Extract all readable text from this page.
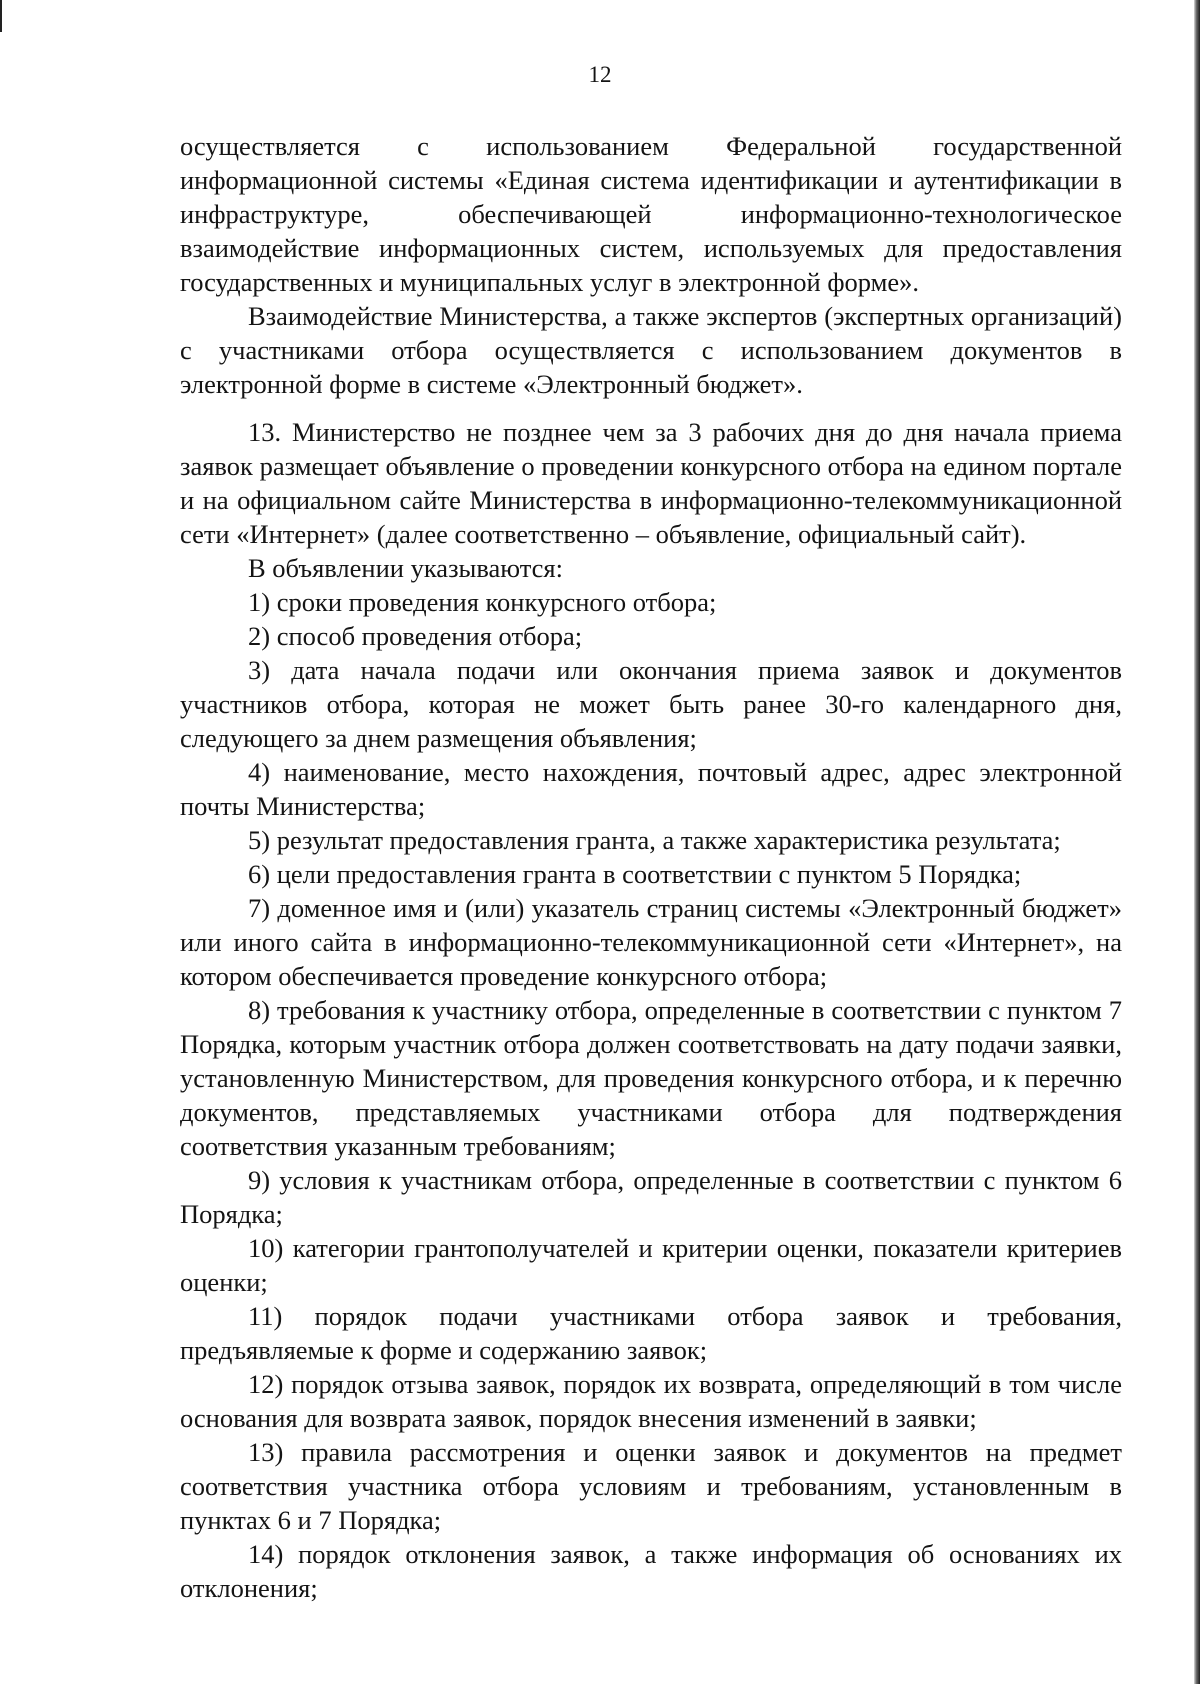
12

осуществляется с использованием Федеральной государственной информационной системы «Единая система идентификации и аутентификации в инфраструктуре, обеспечивающей информационно-технологическое взаимодействие информационных систем, используемых для предоставления государственных и муниципальных услуг в электронной форме».

Взаимодействие Министерства, а также экспертов (экспертных организаций) с участниками отбора осуществляется с использованием документов в электронной форме в системе «Электронный бюджет».

13. Министерство не позднее чем за 3 рабочих дня до дня начала приема заявок размещает объявление о проведении конкурсного отбора на едином портале и на официальном сайте Министерства в информационно-телекоммуникационной сети «Интернет» (далее соответственно – объявление, официальный сайт).

В объявлении указываются:

1) сроки проведения конкурсного отбора;

2) способ проведения отбора;

3) дата начала подачи или окончания приема заявок и документов участников отбора, которая не может быть ранее 30-го календарного дня, следующего за днем размещения объявления;

4) наименование, место нахождения, почтовый адрес, адрес электронной почты Министерства;

5) результат предоставления гранта, а также характеристика результата;

6) цели предоставления гранта в соответствии с пунктом 5 Порядка;

7) доменное имя и (или) указатель страниц системы «Электронный бюджет» или иного сайта в информационно-телекоммуникационной сети «Интернет», на котором обеспечивается проведение конкурсного отбора;

8) требования к участнику отбора, определенные в соответствии с пунктом 7 Порядка, которым участник отбора должен соответствовать на дату подачи заявки, установленную Министерством, для проведения конкурсного отбора, и к перечню документов, представляемых участниками отбора для подтверждения соответствия указанным требованиям;

9) условия к участникам отбора, определенные в соответствии с пунктом 6 Порядка;

10) категории грантополучателей и критерии оценки, показатели критериев оценки;

11) порядок подачи участниками отбора заявок и требования, предъявляемые к форме и содержанию заявок;

12) порядок отзыва заявок, порядок их возврата, определяющий в том числе основания для возврата заявок, порядок внесения изменений в заявки;

13) правила рассмотрения и оценки заявок и документов на предмет соответствия участника отбора условиям и требованиям, установленным в пунктах 6 и 7 Порядка;

14) порядок отклонения заявок, а также информация об основаниях их отклонения;
